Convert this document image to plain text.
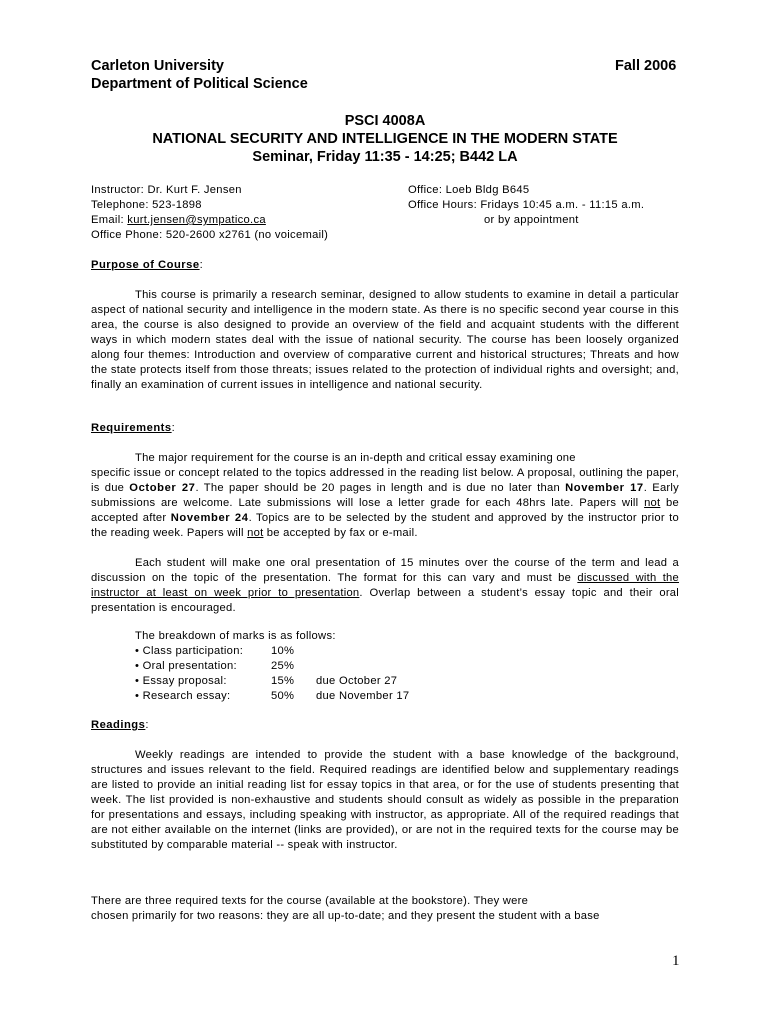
Carleton University
Department of Political Science
Fall 2006
PSCI 4008A
NATIONAL SECURITY AND INTELLIGENCE IN THE MODERN STATE
Seminar, Friday 11:35 - 14:25; B442 LA
Instructor: Dr. Kurt F. Jensen
Telephone: 523-1898
Email: kurt.jensen@sympatico.ca
Office Phone: 520-2600 x2761 (no voicemail)
Office: Loeb Bldg B645
Office Hours: Fridays 10:45 a.m. - 11:15 a.m.
or by appointment
Purpose of Course:
This course is primarily a research seminar, designed to allow students to examine in detail a particular aspect of national security and intelligence in the modern state. As there is no specific second year course in this area, the course is also designed to provide an overview of the field and acquaint students with the different ways in which modern states deal with the issue of national security. The course has been loosely organized along four themes: Introduction and overview of comparative current and historical structures; Threats and how the state protects itself from those threats; issues related to the protection of individual rights and oversight; and, finally an examination of current issues in intelligence and national security.
Requirements:
The major requirement for the course is an in-depth and critical essay examining one
specific issue or concept related to the topics addressed in the reading list below. A proposal, outlining the paper, is due October 27. The paper should be 20 pages in length and is due no later than November 17. Early submissions are welcome. Late submissions will lose a letter grade for each 48hrs late. Papers will not be accepted after November 24. Topics are to be selected by the student and approved by the instructor prior to the reading week. Papers will not be accepted by fax or e-mail.
Each student will make one oral presentation of 15 minutes over the course of the term and lead a discussion on the topic of the presentation. The format for this can vary and must be discussed with the instructor at least on week prior to presentation. Overlap between a student’s essay topic and their oral presentation is encouraged.
The breakdown of marks is as follows:
• Class participation:	10%	
• Oral presentation:	25%	
• Essay proposal:	15%	due October 27
• Research essay:	50%	due November 17
Readings:
Weekly readings are intended to provide the student with a base knowledge of the background, structures and issues relevant to the field. Required readings are identified below and supplementary readings are listed to provide an initial reading list for essay topics in that area, or for the use of students presenting that week. The list provided is non-exhaustive and students should consult as widely as possible in the preparation for presentations and essays, including speaking with instructor, as appropriate. All of the required readings that are not either available on the internet (links are provided), or are not in the required texts for the course may be substituted by comparable material -- speak with instructor.
There are three required texts for the course (available at the bookstore). They were
chosen primarily for two reasons: they are all up-to-date; and they present the student with a base
1
